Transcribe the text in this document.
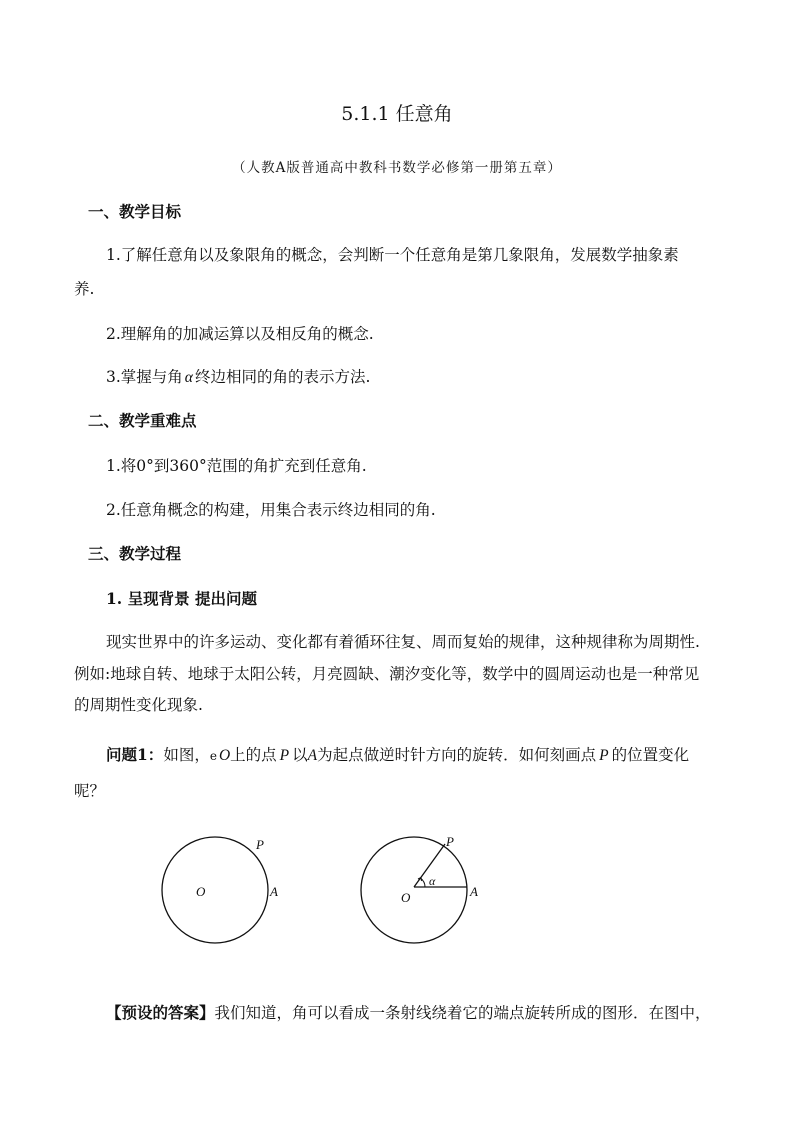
5.1.1 任意角
（人教A版普通高中教科书数学必修第一册第五章）
一、教学目标
1.了解任意角以及象限角的概念，会判断一个任意角是第几象限角，发展数学抽象素
养.
2.理解角的加减运算以及相反角的概念.
3.掌握与角 α 终边相同的角的表示方法.
二、教学重难点
1.将0°到360°范围的角扩充到任意角.
2.任意角概念的构建，用集合表示终边相同的角.
三、教学过程
1. 呈现背景 提出问题
现实世界中的许多运动、变化都有着循环往复、周而复始的规律，这种规律称为周期性.
例如:地球自转、地球于太阳公转，月亮圆缺、潮汐变化等，数学中的圆周运动也是一种常见
的周期性变化现象.
问题1：如图，e O上的点 P 以A为起点做逆时针方向的旋转．如何刻画点 P 的位置变化
呢？
O	A
P
α
O	A
P
【预设的答案】我们知道，角可以看成一条射线绕着它的端点旋转所成的图形．在图中，
